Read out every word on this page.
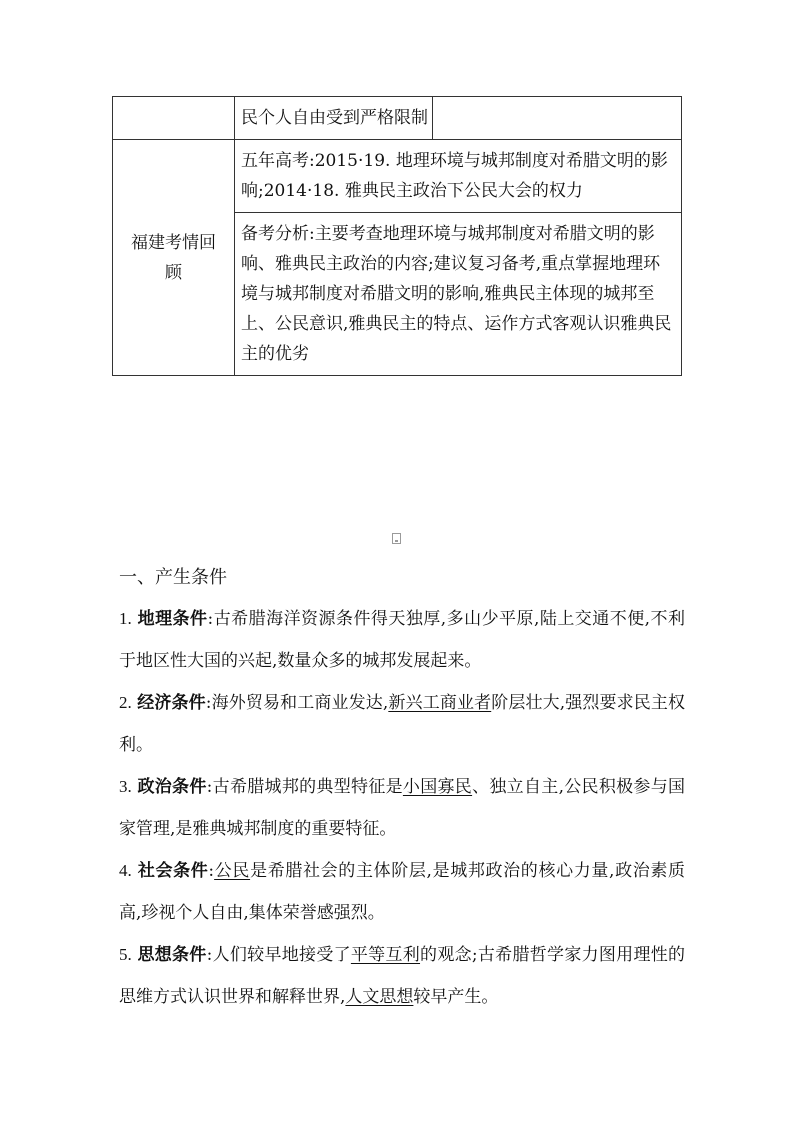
	民个人自由受到严格限制	
福建考情回顾	五年高考:2015·19. 地理环境与城邦制度对希腊文明的影响;2014·18. 雅典民主政治下公民大会的权力	
	备考分析:主要考查地理环境与城邦制度对希腊文明的影响、雅典民主政治的内容;建议复习备考,重点掌握地理环境与城邦制度对希腊文明的影响,雅典民主体现的城邦至上、公民意识,雅典民主的特点、运作方式客观认识雅典民主的优劣	
一、产生条件

1. 地理条件:古希腊海洋资源条件得天独厚,多山少平原,陆上交通不便,不利于地区性大国的兴起,数量众多的城邦发展起来。

2. 经济条件:海外贸易和工商业发达,新兴工商业者阶层壮大,强烈要求民主权利。

3. 政治条件:古希腊城邦的典型特征是小国寡民、独立自主,公民积极参与国家管理,是雅典城邦制度的重要特征。

4. 社会条件:公民是希腊社会的主体阶层,是城邦政治的核心力量,政治素质高,珍视个人自由,集体荣誉感强烈。

5. 思想条件:人们较早地接受了平等互利的观念;古希腊哲学家力图用理性的思维方式认识世界和解释世界,人文思想较早产生。
